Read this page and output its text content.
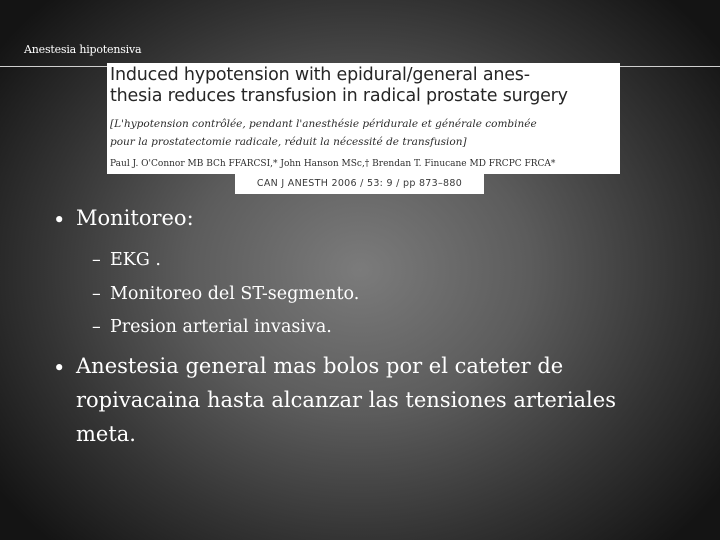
Anestesia hipotensiva
Induced hypotension with epidural/general anes-
thesia reduces transfusion in radical prostate surgery
[L'hypotension contrôlée, pendant l'anesthésie péridurale et générale combinée
pour la prostatectomie radicale, réduit la nécessité de transfusion]
Paul J. O'Connor MB BCh FFARCSI,* John Hanson MSc,† Brendan T. Finucane MD FRCPC FRCA*
CAN J ANESTH 2006 / 53: 9 / pp 873–880
• Monitoreo:
– EKG .
– Monitoreo del ST-segmento.
– Presion arterial invasiva.
• Anestesia general mas bolos por el cateter de
ropivacaina hasta alcanzar las tensiones arteriales
meta.
